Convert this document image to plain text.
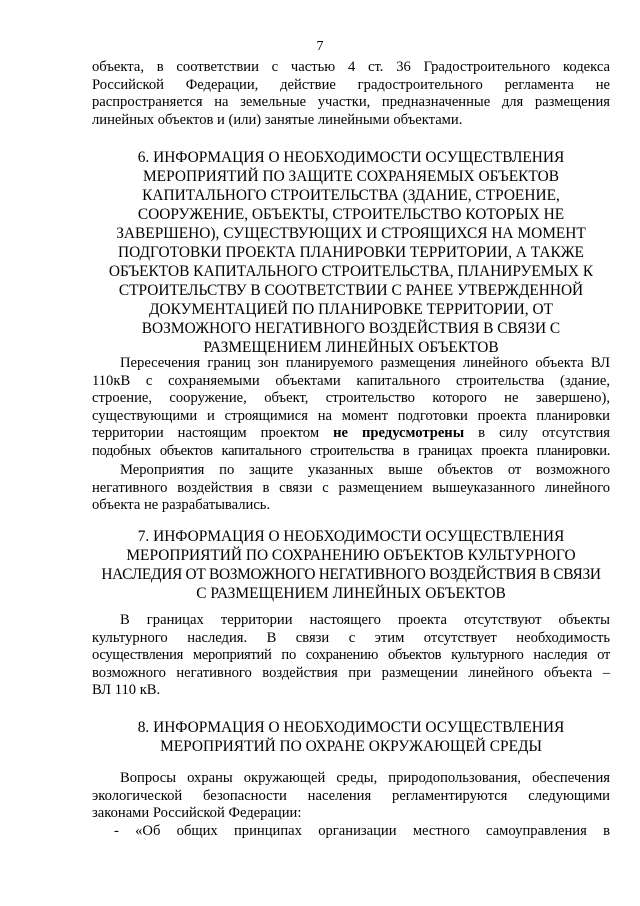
7
объекта, в соответствии с частью 4 ст. 36 Градостроительного кодекса
Российской Федерации, действие градостроительного регламента не
распространяется на земельные участки, предназначенные для размещения
линейных объектов и (или) занятые линейными объектами.
6. ИНФОРМАЦИЯ О НЕОБХОДИМОСТИ ОСУЩЕСТВЛЕНИЯ
МЕРОПРИЯТИЙ ПО ЗАЩИТЕ СОХРАНЯЕМЫХ ОБЪЕКТОВ
КАПИТАЛЬНОГО СТРОИТЕЛЬСТВА (ЗДАНИЕ, СТРОЕНИЕ,
СООРУЖЕНИЕ, ОБЪЕКТЫ, СТРОИТЕЛЬСТВО КОТОРЫХ НЕ
ЗАВЕРШЕНО), СУЩЕСТВУЮЩИХ И СТРОЯЩИХСЯ НА МОМЕНТ
ПОДГОТОВКИ ПРОЕКТА ПЛАНИРОВКИ ТЕРРИТОРИИ, А ТАКЖЕ
ОБЪЕКТОВ КАПИТАЛЬНОГО СТРОИТЕЛЬСТВА, ПЛАНИРУЕМЫХ К
СТРОИТЕЛЬСТВУ В СООТВЕТСТВИИ С РАНЕЕ УТВЕРЖДЕННОЙ
ДОКУМЕНТАЦИЕЙ ПО ПЛАНИРОВКЕ ТЕРРИТОРИИ, ОТ
ВОЗМОЖНОГО НЕГАТИВНОГО ВОЗДЕЙСТВИЯ В СВЯЗИ С
РАЗМЕЩЕНИЕМ ЛИНЕЙНЫХ ОБЪЕКТОВ
Пересечения границ зон планируемого размещения линейного объекта ВЛ
110кВ с сохраняемыми объектами капитального строительства (здание,
строение, сооружение, объект, строительство которого не завершено),
существующими и строящимися на момент подготовки проекта планировки
территории настоящим проектом не предусмотрены в силу отсутствия
подобных объектов капитального строительства в границах проекта планировки.
Мероприятия по защите указанных выше объектов от возможного
негативного воздействия в связи с размещением вышеуказанного линейного
объекта не разрабатывались.
7. ИНФОРМАЦИЯ О НЕОБХОДИМОСТИ ОСУЩЕСТВЛЕНИЯ
МЕРОПРИЯТИЙ ПО СОХРАНЕНИЮ ОБЪЕКТОВ КУЛЬТУРНОГО
НАСЛЕДИЯ ОТ ВОЗМОЖНОГО НЕГАТИВНОГО ВОЗДЕЙСТВИЯ В СВЯЗИ
С РАЗМЕЩЕНИЕМ ЛИНЕЙНЫХ ОБЪЕКТОВ
В границах территории настоящего проекта отсутствуют объекты
культурного наследия. В связи с этим отсутствует необходимость
осуществления мероприятий по сохранению объектов культурного наследия от
возможного негативного воздействия при размещении линейного объекта –
ВЛ 110 кВ.
8. ИНФОРМАЦИЯ О НЕОБХОДИМОСТИ ОСУЩЕСТВЛЕНИЯ
МЕРОПРИЯТИЙ ПО ОХРАНЕ ОКРУЖАЮЩЕЙ СРЕДЫ
Вопросы охраны окружающей среды, природопользования, обеспечения
экологической безопасности населения регламентируются следующими
законами Российской Федерации:
- «Об общих принципах организации местного самоуправления в
